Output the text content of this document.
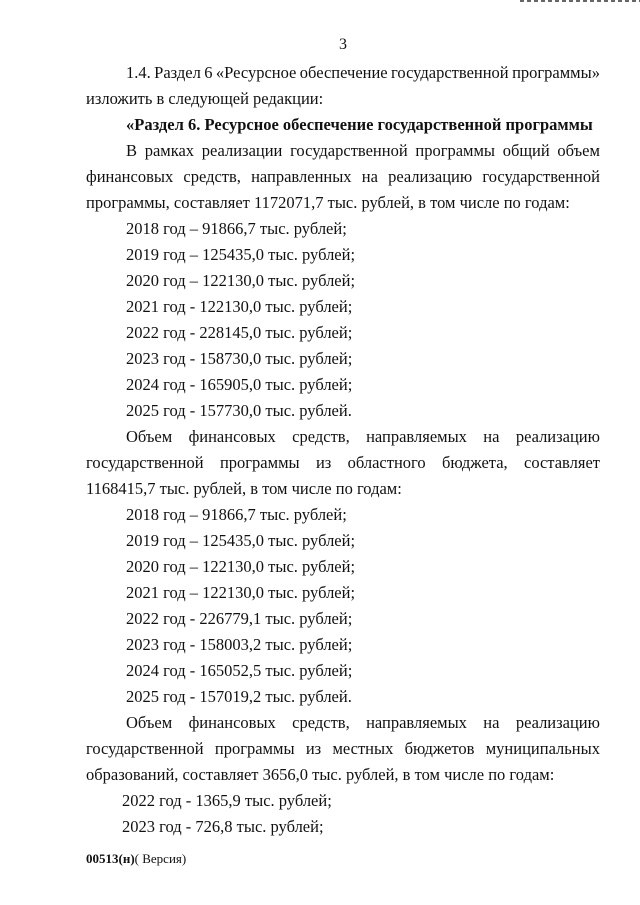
3
1.4. Раздел 6 «Ресурсное обеспечение государственной программы»
изложить в следующей редакции:
«Раздел 6. Ресурсное обеспечение государственной программы
В рамках реализации государственной программы общий объем
финансовых средств, направленных на реализацию государственной
программы, составляет 1172071,7 тыс. рублей, в том числе по годам:
2018 год – 91866,7 тыс. рублей;
2019 год – 125435,0 тыс. рублей;
2020 год – 122130,0 тыс. рублей;
2021 год - 122130,0 тыс. рублей;
2022 год - 228145,0 тыс. рублей;
2023 год - 158730,0 тыс. рублей;
2024 год - 165905,0 тыс. рублей;
2025 год - 157730,0 тыс. рублей.
Объем финансовых средств, направляемых на реализацию
государственной программы из областного бюджета, составляет
1168415,7 тыс. рублей, в том числе по годам:
2018 год – 91866,7 тыс. рублей;
2019 год – 125435,0 тыс. рублей;
2020 год – 122130,0 тыс. рублей;
2021 год – 122130,0 тыс. рублей;
2022 год - 226779,1 тыс. рублей;
2023 год - 158003,2 тыс. рублей;
2024 год - 165052,5 тыс. рублей;
2025 год - 157019,2 тыс. рублей.
Объем финансовых средств, направляемых на реализацию
государственной программы из местных бюджетов муниципальных
образований, составляет 3656,0 тыс. рублей, в том числе по годам:
2022 год - 1365,9 тыс. рублей;
2023 год - 726,8 тыс. рублей;
00513(н)( Версия)
